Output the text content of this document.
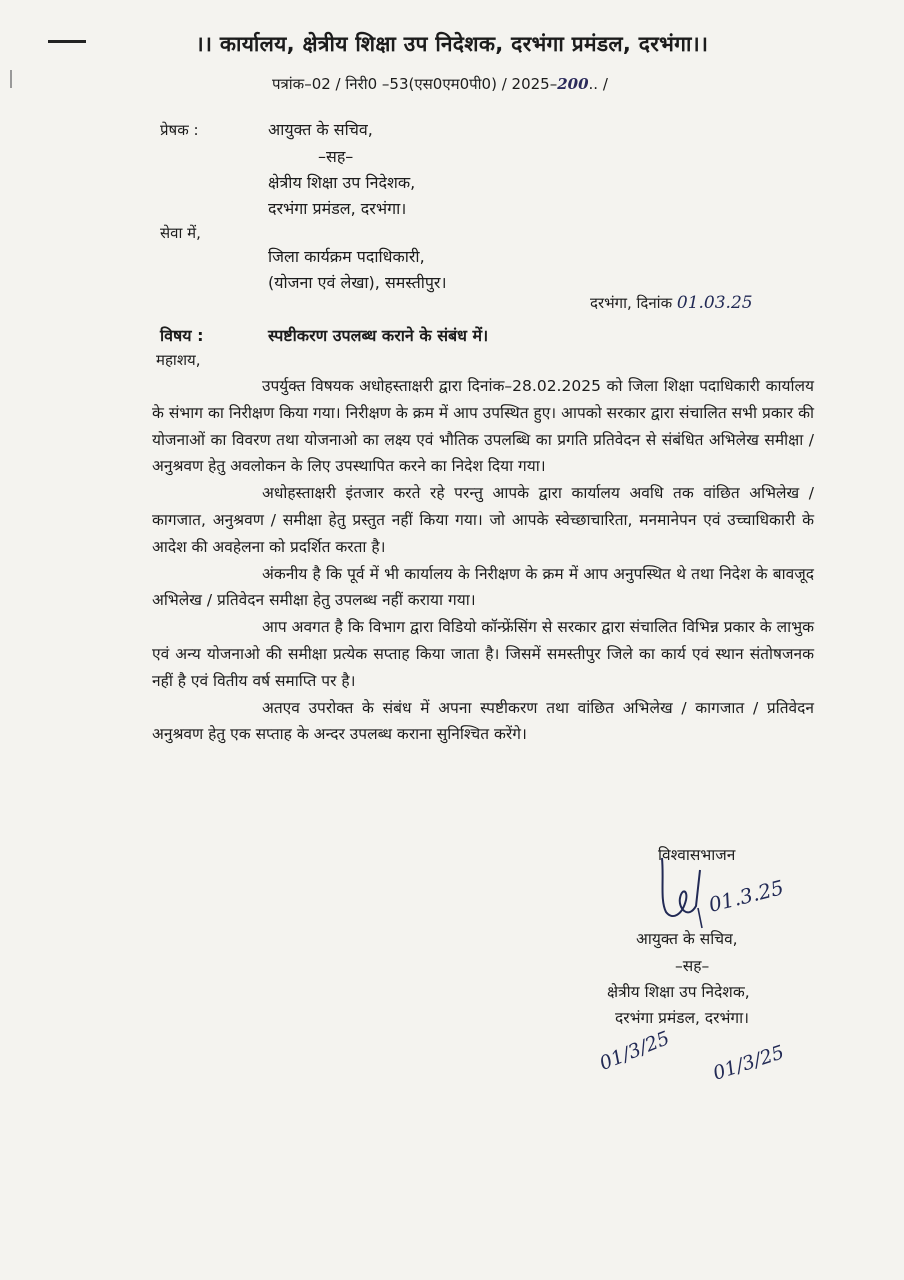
।। कार्यालय, क्षेत्रीय शिक्षा उप निदेशक, दरभंगा प्रमंडल, दरभंगा।।
पत्रांक–02 / निरी0 –53(एस0एम0पी0) / 2025–200.. /
प्रेषक :	आयुक्त के सचिव,
–सह–
क्षेत्रीय शिक्षा उप निदेशक,
दरभंगा प्रमंडल, दरभंगा।
सेवा में,
जिला कार्यक्रम पदाधिकारी,
(योजना एवं लेखा), समस्तीपुर।
दरभंगा, दिनांक 01.03.25
विषय :	स्पष्टीकरण उपलब्ध कराने के संबंध में।
महाशय,

उपर्युक्त विषयक अधोहस्ताक्षरी द्वारा दिनांक–28.02.2025 को जिला शिक्षा पदाधिकारी कार्यालय के संभाग का निरीक्षण किया गया। निरीक्षण के क्रम में आप उपस्थित हुए। आपको सरकार द्वारा संचालित सभी प्रकार की योजनाओं का विवरण तथा योजनाओ का लक्ष्य एवं भौतिक उपलब्धि का प्रगति प्रतिवेदन से संबंधित अभिलेख समीक्षा / अनुश्रवण हेतु अवलोकन के लिए उपस्थापित करने का निदेश दिया गया।

अधोहस्ताक्षरी इंतजार करते रहे परन्तु आपके द्वारा कार्यालय अवधि तक वांछित अभिलेख / कागजात, अनुश्रवण / समीक्षा हेतु प्रस्तुत नहीं किया गया। जो आपके स्वेच्छाचारिता, मनमानेपन एवं उच्चाधिकारी के आदेश की अवहेलना को प्रदर्शित करता है।

अंकनीय है कि पूर्व में भी कार्यालय के निरीक्षण के क्रम में आप अनुपस्थित थे तथा निदेश के बावजूद अभिलेख / प्रतिवेदन समीक्षा हेतु उपलब्ध नहीं कराया गया।

आप अवगत है कि विभाग द्वारा विडियो कॉन्फ्रेंसिंग से सरकार द्वारा संचालित विभिन्न प्रकार के लाभुक एवं अन्य योजनाओ की समीक्षा प्रत्येक सप्ताह किया जाता है। जिसमें समस्तीपुर जिले का कार्य एवं स्थान संतोषजनक नहीं है एवं वितीय वर्ष समाप्ति पर है।

अतएव उपरोक्त के संबंध में अपना स्पष्टीकरण तथा वांछित अभिलेख / कागजात / प्रतिवेदन अनुश्रवण हेतु एक सप्ताह के अन्दर उपलब्ध कराना सुनिश्चित करेंगे।

विश्वासभाजन
01.3.25
आयुक्त के सचिव,
–सह–
क्षेत्रीय शिक्षा उप निदेशक,
दरभंगा प्रमंडल, दरभंगा।
01/3/25 01/3/25
